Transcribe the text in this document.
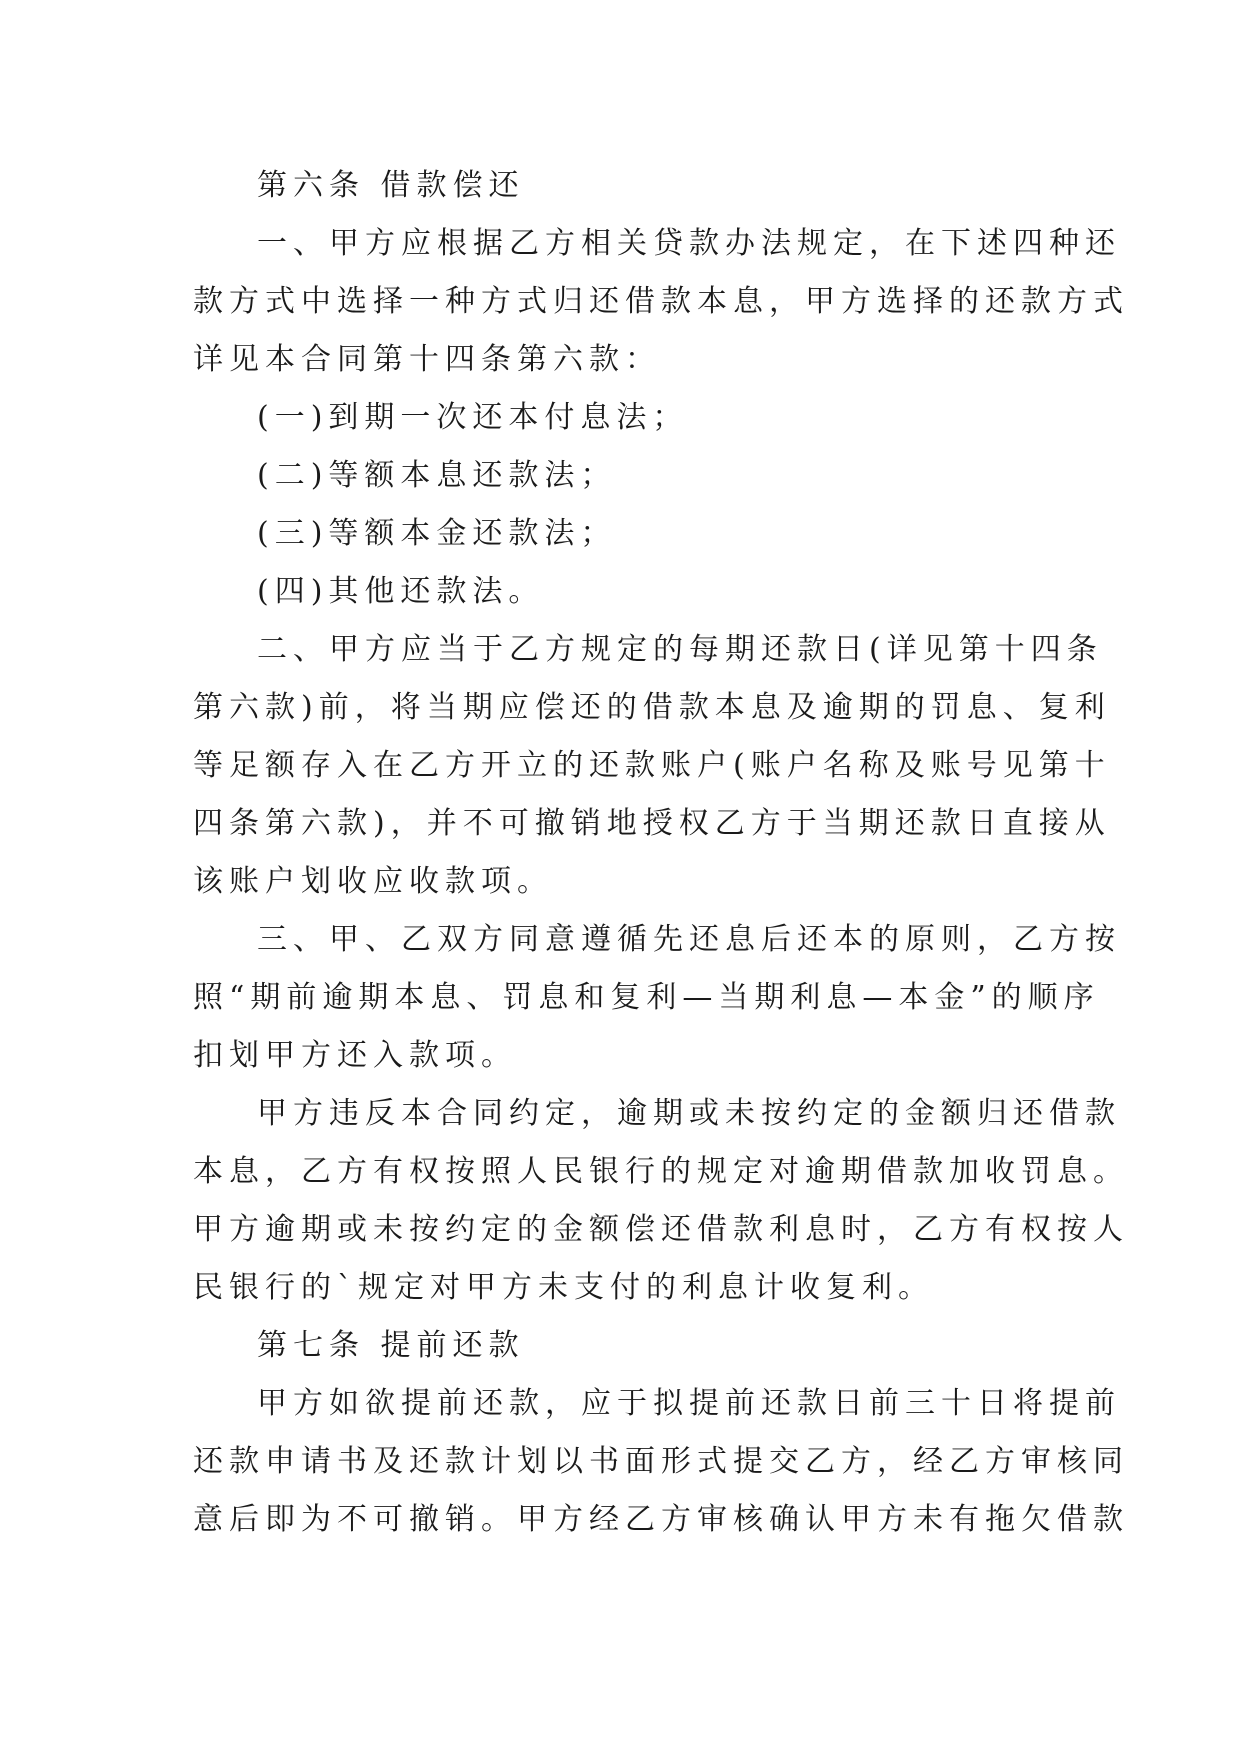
第六条 借款偿还
一、甲方应根据乙方相关贷款办法规定，在下述四种还
款方式中选择一种方式归还借款本息，甲方选择的还款方式
详见本合同第十四条第六款：
(一)到期一次还本付息法；
(二)等额本息还款法；
(三)等额本金还款法；
(四)其他还款法。
二、甲方应当于乙方规定的每期还款日(详见第十四条
第六款)前，将当期应偿还的借款本息及逾期的罚息、复利
等足额存入在乙方开立的还款账户(账户名称及账号见第十
四条第六款)，并不可撤销地授权乙方于当期还款日直接从
该账户划收应收款项。
三、甲、乙双方同意遵循先还息后还本的原则，乙方按
照“期前逾期本息、罚息和复利—当期利息—本金”的顺序
扣划甲方还入款项。
甲方违反本合同约定，逾期或未按约定的金额归还借款
本息，乙方有权按照人民银行的规定对逾期借款加收罚息。
甲方逾期或未按约定的金额偿还借款利息时，乙方有权按人
民银行的`规定对甲方未支付的利息计收复利。
第七条 提前还款
甲方如欲提前还款，应于拟提前还款日前三十日将提前
还款申请书及还款计划以书面形式提交乙方，经乙方审核同
意后即为不可撤销。甲方经乙方审核确认甲方未有拖欠借款
